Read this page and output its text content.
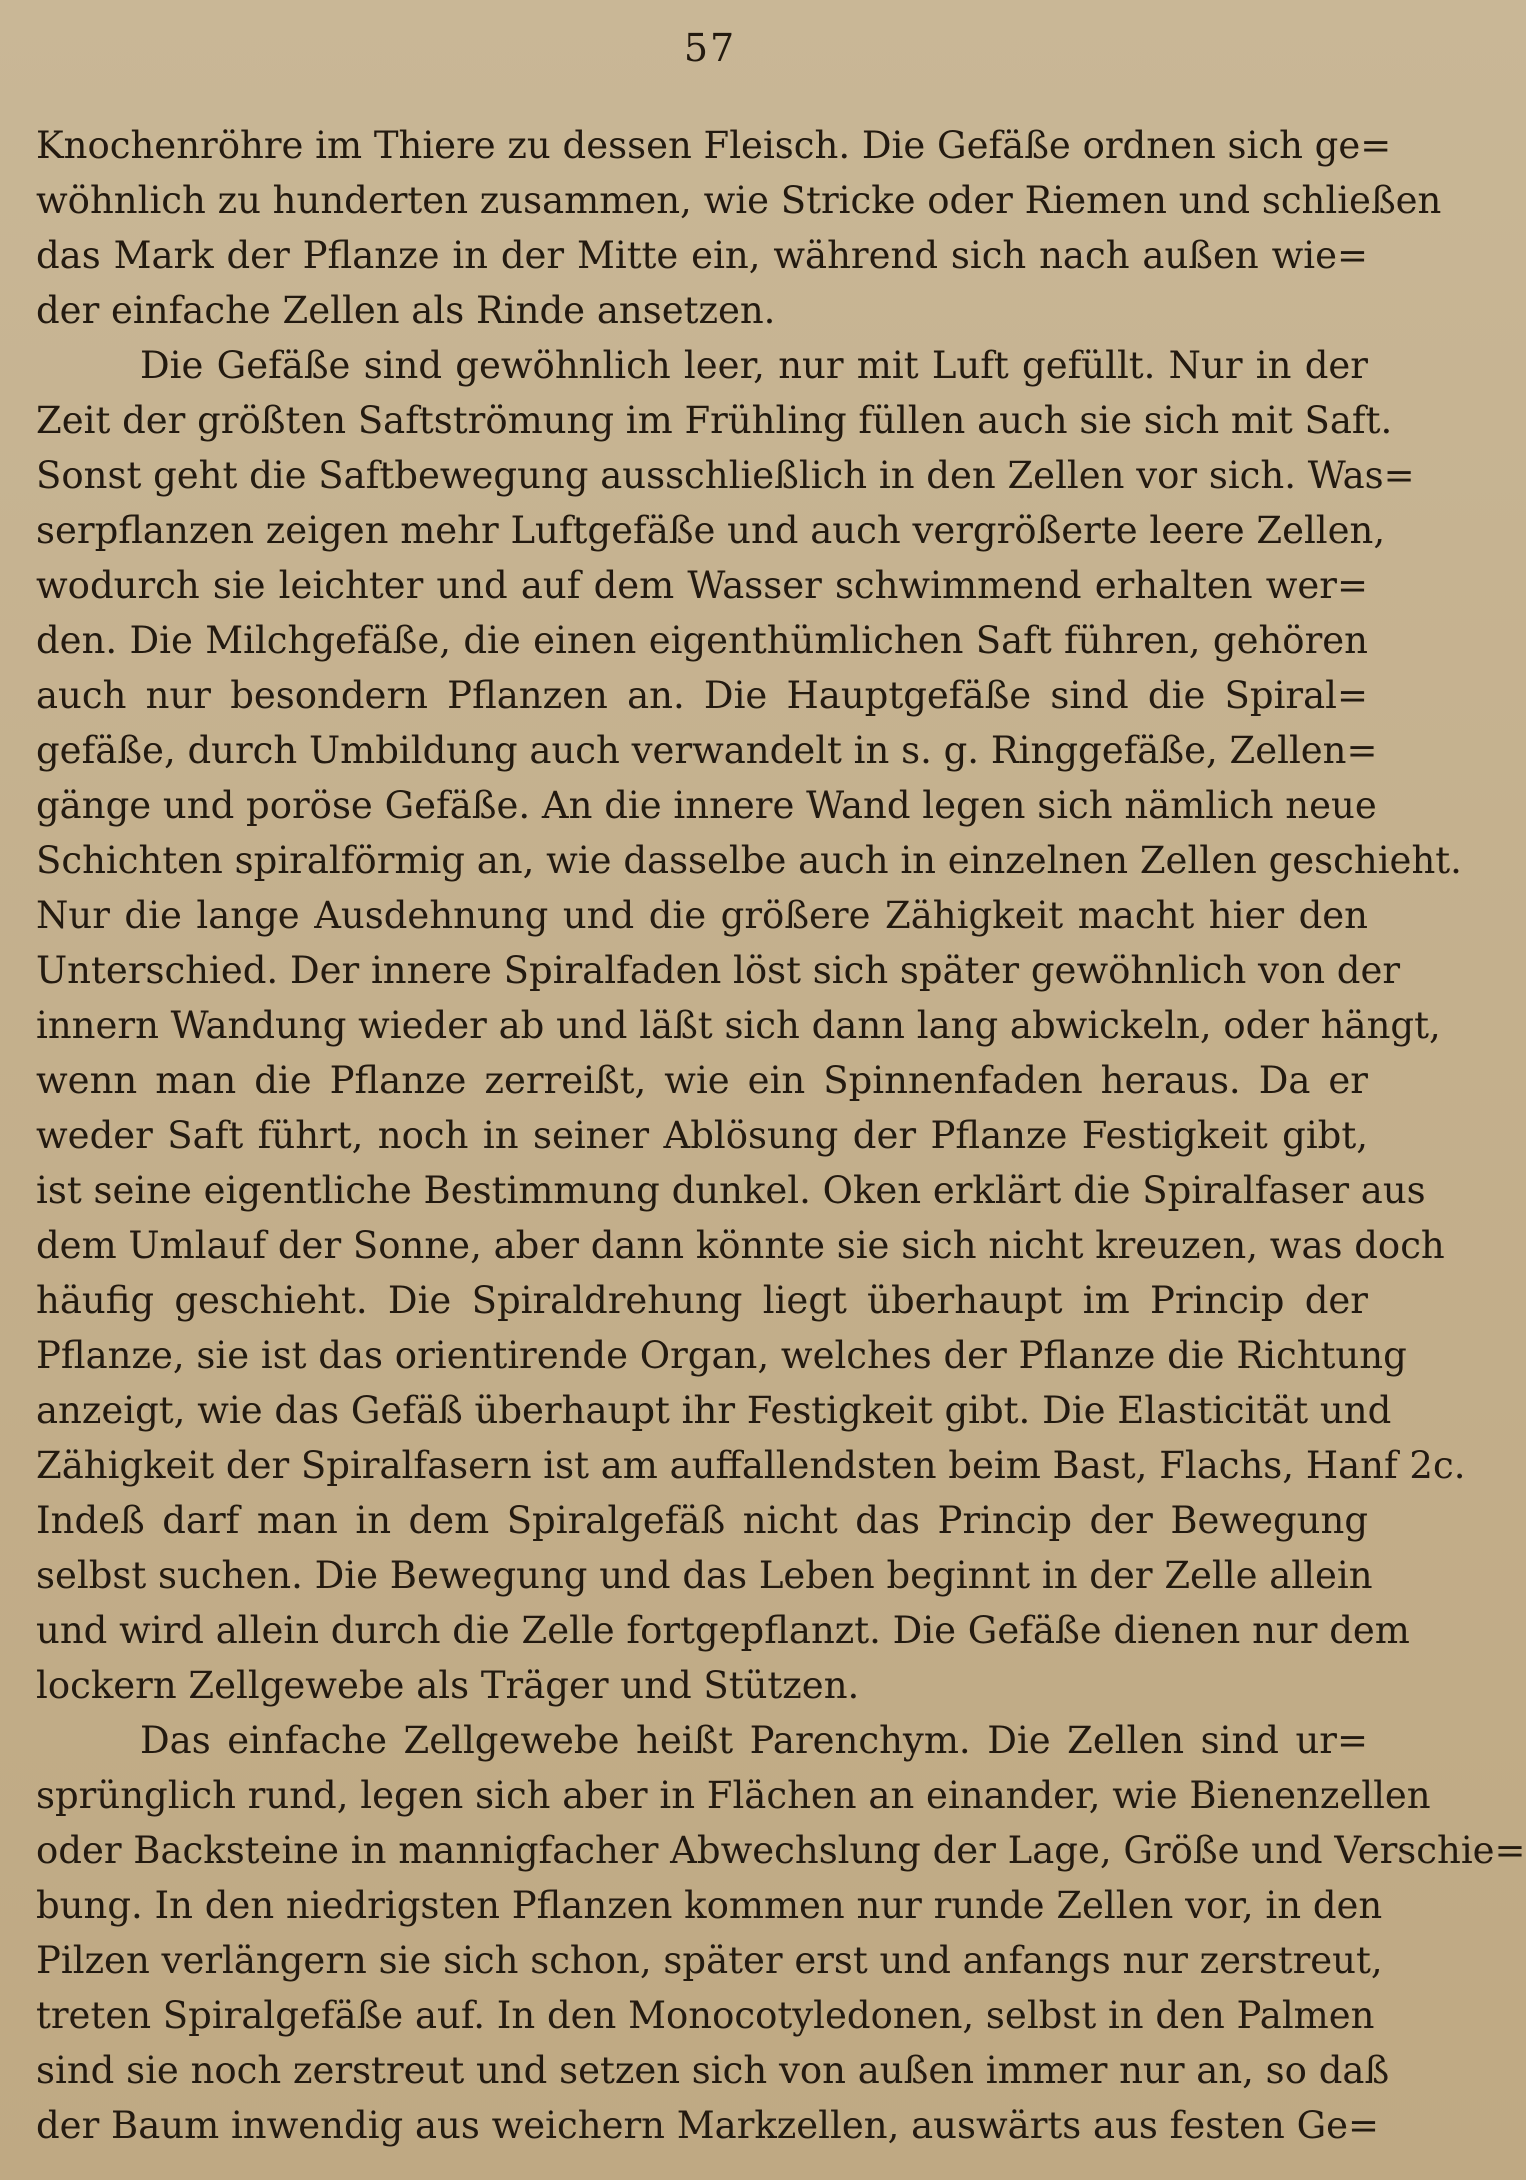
57
Knochenröhre im Thiere zu dessen Fleisch. Die Gefäße ordnen sich ge=
wöhnlich zu hunderten zusammen, wie Stricke oder Riemen und schließen
das Mark der Pflanze in der Mitte ein, während sich nach außen wie=
der einfache Zellen als Rinde ansetzen.
Die Gefäße sind gewöhnlich leer, nur mit Luft gefüllt. Nur in der
Zeit der größten Saftströmung im Frühling füllen auch sie sich mit Saft.
Sonst geht die Saftbewegung ausschließlich in den Zellen vor sich. Was=
serpflanzen zeigen mehr Luftgefäße und auch vergrößerte leere Zellen,
wodurch sie leichter und auf dem Wasser schwimmend erhalten wer=
den. Die Milchgefäße, die einen eigenthümlichen Saft führen, gehören
auch nur besondern Pflanzen an. Die Hauptgefäße sind die Spiral=
gefäße, durch Umbildung auch verwandelt in s. g. Ringgefäße, Zellen=
gänge und poröse Gefäße. An die innere Wand legen sich nämlich neue
Schichten spiralförmig an, wie dasselbe auch in einzelnen Zellen geschieht.
Nur die lange Ausdehnung und die größere Zähigkeit macht hier den
Unterschied. Der innere Spiralfaden löst sich später gewöhnlich von der
innern Wandung wieder ab und läßt sich dann lang abwickeln, oder hängt,
wenn man die Pflanze zerreißt, wie ein Spinnenfaden heraus. Da er
weder Saft führt, noch in seiner Ablösung der Pflanze Festigkeit gibt,
ist seine eigentliche Bestimmung dunkel. Oken erklärt die Spiralfaser aus
dem Umlauf der Sonne, aber dann könnte sie sich nicht kreuzen, was doch
häufig geschieht. Die Spiraldrehung liegt überhaupt im Princip der
Pflanze, sie ist das orientirende Organ, welches der Pflanze die Richtung
anzeigt, wie das Gefäß überhaupt ihr Festigkeit gibt. Die Elasticität und
Zähigkeit der Spiralfasern ist am auffallendsten beim Bast, Flachs, Hanf 2c.
Indeß darf man in dem Spiralgefäß nicht das Princip der Bewegung
selbst suchen. Die Bewegung und das Leben beginnt in der Zelle allein
und wird allein durch die Zelle fortgepflanzt. Die Gefäße dienen nur dem
lockern Zellgewebe als Träger und Stützen.
Das einfache Zellgewebe heißt Parenchym. Die Zellen sind ur=
sprünglich rund, legen sich aber in Flächen an einander, wie Bienenzellen
oder Backsteine in mannigfacher Abwechslung der Lage, Größe und Verschie=
bung. In den niedrigsten Pflanzen kommen nur runde Zellen vor, in den
Pilzen verlängern sie sich schon, später erst und anfangs nur zerstreut,
treten Spiralgefäße auf. In den Monocotyledonen, selbst in den Palmen
sind sie noch zerstreut und setzen sich von außen immer nur an, so daß
der Baum inwendig aus weichern Markzellen, auswärts aus festen Ge=
